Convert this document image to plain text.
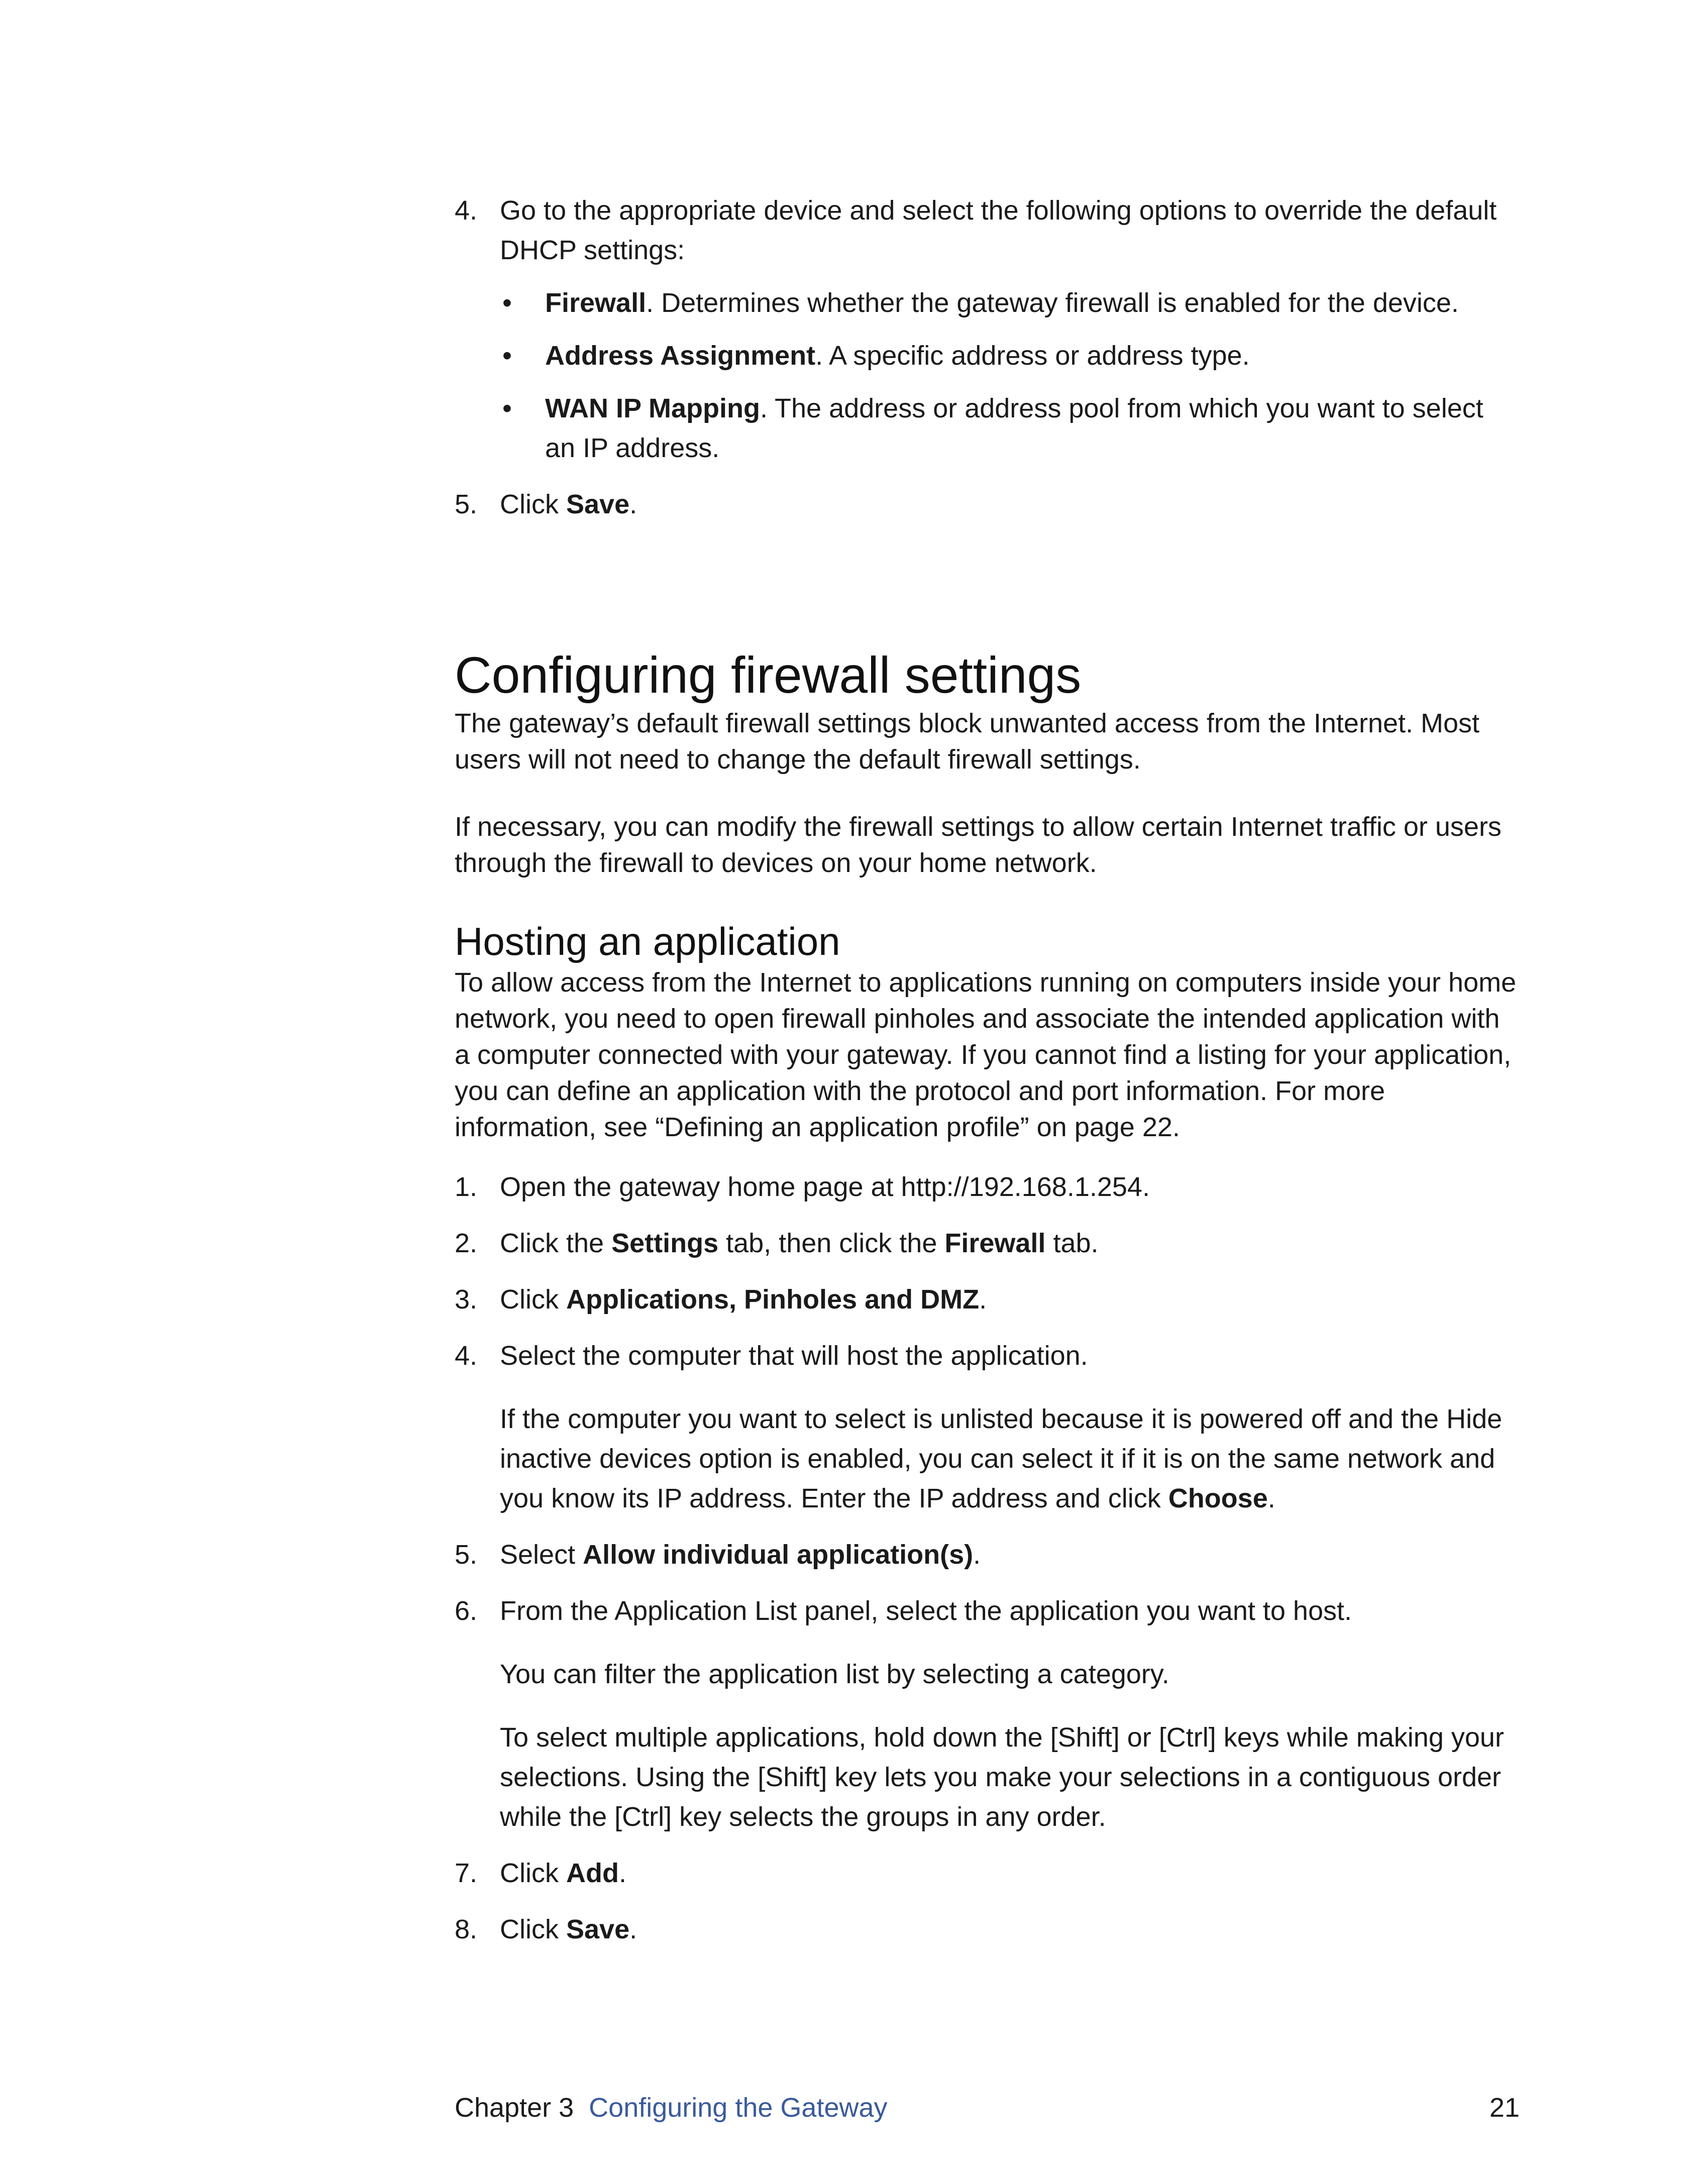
4. Go to the appropriate device and select the following options to override the default DHCP settings:
• Firewall. Determines whether the gateway firewall is enabled for the device.
• Address Assignment. A specific address or address type.
• WAN IP Mapping. The address or address pool from which you want to select an IP address.
5. Click Save.
Configuring firewall settings

The gateway’s default firewall settings block unwanted access from the Internet. Most users will not need to change the default firewall settings.

If necessary, you can modify the firewall settings to allow certain Internet traffic or users through the firewall to devices on your home network.

Hosting an application

To allow access from the Internet to applications running on computers inside your home network, you need to open firewall pinholes and associate the intended application with a computer connected with your gateway. If you cannot find a listing for your application, you can define an application with the protocol and port information. For more information, see “Defining an application profile” on page 22.

1. Open the gateway home page at http://192.168.1.254.
2. Click the Settings tab, then click the Firewall tab.
3. Click Applications, Pinholes and DMZ.
4. Select the computer that will host the application.
If the computer you want to select is unlisted because it is powered off and the Hide inactive devices option is enabled, you can select it if it is on the same network and you know its IP address. Enter the IP address and click Choose.
5. Select Allow individual application(s).
6. From the Application List panel, select the application you want to host.
You can filter the application list by selecting a category.
To select multiple applications, hold down the [Shift] or [Ctrl] keys while making your selections. Using the [Shift] key lets you make your selections in a contiguous order while the [Ctrl] key selects the groups in any order.
7. Click Add.
8. Click Save.
Chapter 3 Configuring the Gateway	21
